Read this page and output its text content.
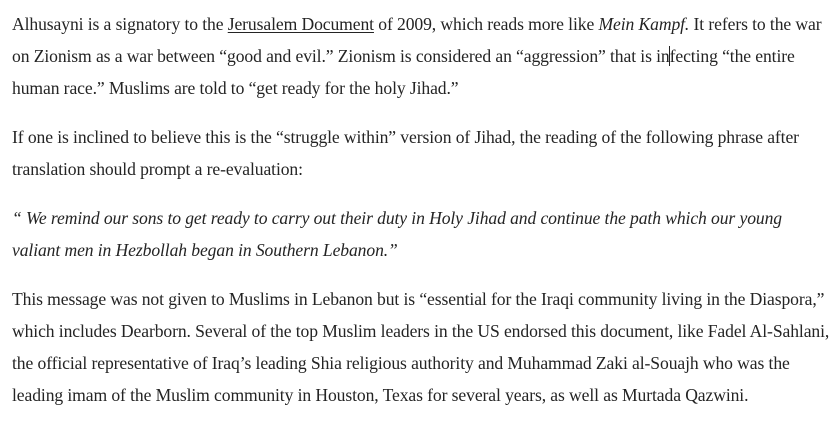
Alhusayni is a signatory to the Jerusalem Document of 2009, which reads more like Mein Kampf. It refers to the war
on Zionism as a war between “good and evil.” Zionism is considered an “aggression” that is infecting “the entire
human race.” Muslims are told to “get ready for the holy Jihad.”

If one is inclined to believe this is the “struggle within” version of Jihad, the reading of the following phrase after
translation should prompt a re-evaluation:

“ We remind our sons to get ready to carry out their duty in Holy Jihad and continue the path which our young
valiant men in Hezbollah began in Southern Lebanon.”

This message was not given to Muslims in Lebanon but is “essential for the Iraqi community living in the Diaspora,”
which includes Dearborn. Several of the top Muslim leaders in the US endorsed this document, like Fadel Al-Sahlani,
the official representative of Iraq’s leading Shia religious authority and Muhammad Zaki al-Souajh who was the
leading imam of the Muslim community in Houston, Texas for several years, as well as Murtada Qazwini.
